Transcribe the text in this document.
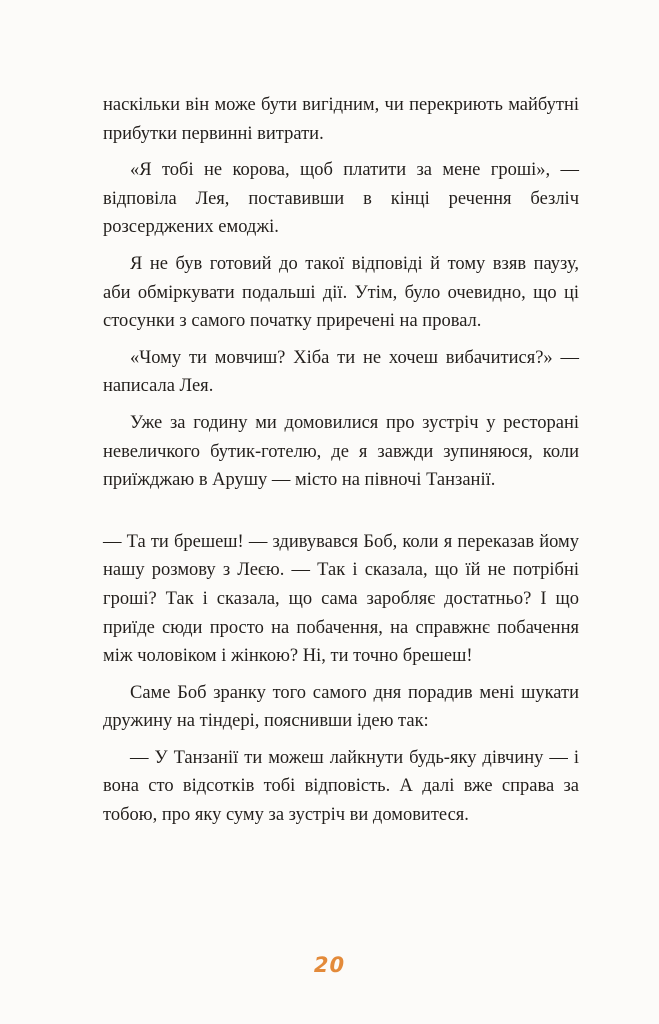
наскільки він може бути вигідним, чи перекриють майбутні прибутки первинні витрати.

«Я тобі не корова, щоб платити за мене гроші», — відповіла Лея, поставивши в кінці речення безліч розсерджених емоджі.

Я не був готовий до такої відповіді й тому взяв паузу, аби обміркувати подальші дії. Утім, було очевидно, що ці стосунки з самого початку приречені на провал.

«Чому ти мовчиш? Хіба ти не хочеш вибачитися?» — написала Лея.

Уже за годину ми домовилися про зустріч у ресторані невеличкого бутик-готелю, де я завжди зупиняюся, коли приїжджаю в Арушу — місто на півночі Танзанії.

— Та ти брешеш! — здивувався Боб, коли я переказав йому нашу розмову з Леєю. — Так і сказала, що їй не потрібні гроші? Так і сказала, що сама заробляє достатньо? І що приїде сюди просто на побачення, на справжнє побачення між чоловіком і жінкою? Ні, ти точно брешеш!

Саме Боб зранку того самого дня порадив мені шукати дружину на тіндері, пояснивши ідею так:

— У Танзанії ти можеш лайкнути будь-яку дівчину — і вона сто відсотків тобі відповість. А далі вже справа за тобою, про яку суму за зустріч ви домовитеся.

20
